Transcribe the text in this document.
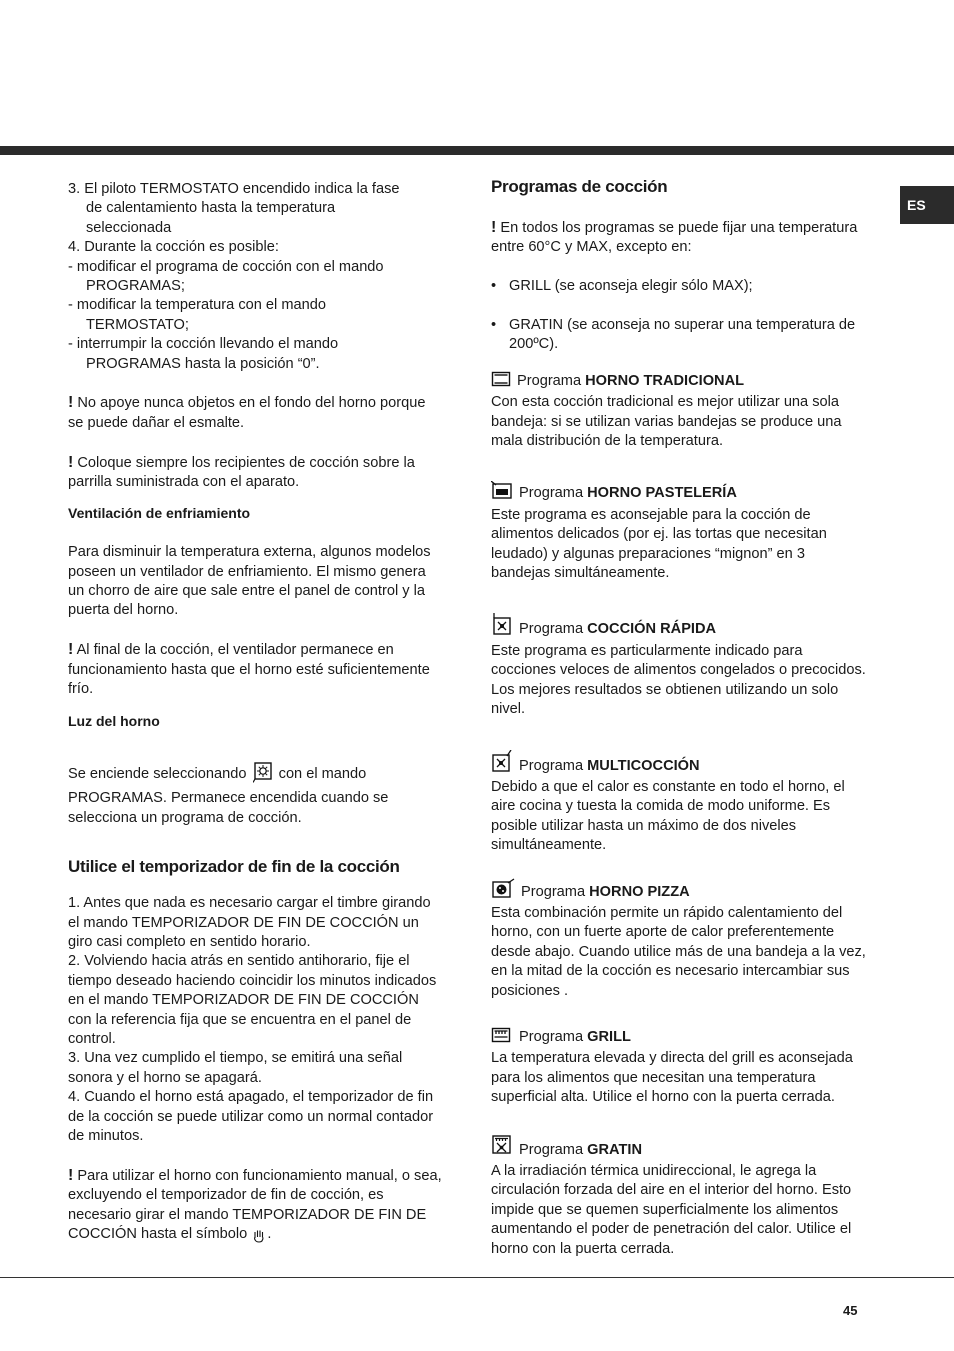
ES

3. El piloto TERMOSTATO encendido indica la fase

de calentamiento hasta la temperatura

seleccionada

4. Durante la cocción es posible:

- modificar el programa de cocción con el mando

PROGRAMAS;

- modificar la temperatura con el mando

TERMOSTATO;

- interrumpir la cocción llevando el mando

PROGRAMAS hasta la posición “0”.

! No apoye nunca objetos en el fondo del horno porque se puede dañar el esmalte.

! Coloque siempre los recipientes de cocción sobre la parrilla suministrada con el aparato.

Ventilación de enfriamiento

Para disminuir la temperatura externa, algunos modelos poseen un ventilador de enfriamiento. El mismo genera un chorro de aire que sale entre el panel de control y la puerta del horno.

! Al final de la cocción, el ventilador permanece en funcionamiento hasta que el horno esté suficientemente frío.

Luz del horno

Se enciende seleccionando con el mando PROGRAMAS. Permanece encendida cuando se selecciona un programa de cocción.

Utilice el temporizador de fin de la cocción

1. Antes que nada es necesario cargar el timbre girando el mando TEMPORIZADOR DE FIN DE COCCIÓN un giro casi completo en sentido horario.

2. Volviendo hacia atrás en sentido antihorario, fije el tiempo deseado haciendo coincidir los minutos indicados en el mando TEMPORIZADOR DE FIN DE COCCIÓN con la referencia fija que se encuentra en el panel de control.

3. Una vez cumplido el tiempo, se emitirá una señal sonora y el horno se apagará.

4. Cuando el horno está apagado, el temporizador de fin de la cocción se puede utilizar como un normal contador de minutos.

! Para utilizar el horno con funcionamiento manual, o sea, excluyendo el temporizador de fin de cocción, es necesario girar el mando TEMPORIZADOR DE FIN DE COCCIÓN hasta el símbolo .

Programas de cocción

! En todos los programas se puede fijar una temperatura entre 60°C y MAX, excepto en:

• GRILL (se aconseja elegir sólo MAX);

• GRATIN (se aconseja no superar una temperatura de 200ºC).

Programa HORNO TRADICIONAL

Con esta cocción tradicional es mejor utilizar una sola bandeja: si se utilizan varias bandejas se produce una mala distribución de la temperatura.

Programa HORNO PASTELERÍA

Este programa es aconsejable para la cocción de alimentos delicados (por ej. las tortas que necesitan leudado) y algunas preparaciones “mignon” en 3 bandejas simultáneamente.

Programa COCCIÓN RÁPIDA

Este programa es particularmente indicado para cocciones veloces de alimentos congelados o precocidos. Los mejores resultados se obtienen utilizando un solo nivel.

Programa MULTICOCCIÓN

Debido a que el calor es constante en todo el horno, el aire cocina y tuesta la comida de modo uniforme. Es posible utilizar hasta un máximo de dos niveles simultáneamente.

Programa HORNO PIZZA

Esta combinación permite un rápido calentamiento del horno, con un fuerte aporte de calor preferentemente desde abajo. Cuando utilice más de una bandeja a la vez, en la mitad de la cocción es necesario intercambiar sus posiciones .

Programa GRILL

La temperatura elevada y directa del grill es aconsejada para los alimentos que necesitan una temperatura superficial alta. Utilice el horno con la puerta cerrada.

Programa GRATIN

A la irradiación térmica unidireccional, le agrega la circulación forzada del aire en el interior del horno. Esto impide que se quemen superficialmente los alimentos aumentando el poder de penetración del calor. Utilice el horno con la puerta cerrada.

45
